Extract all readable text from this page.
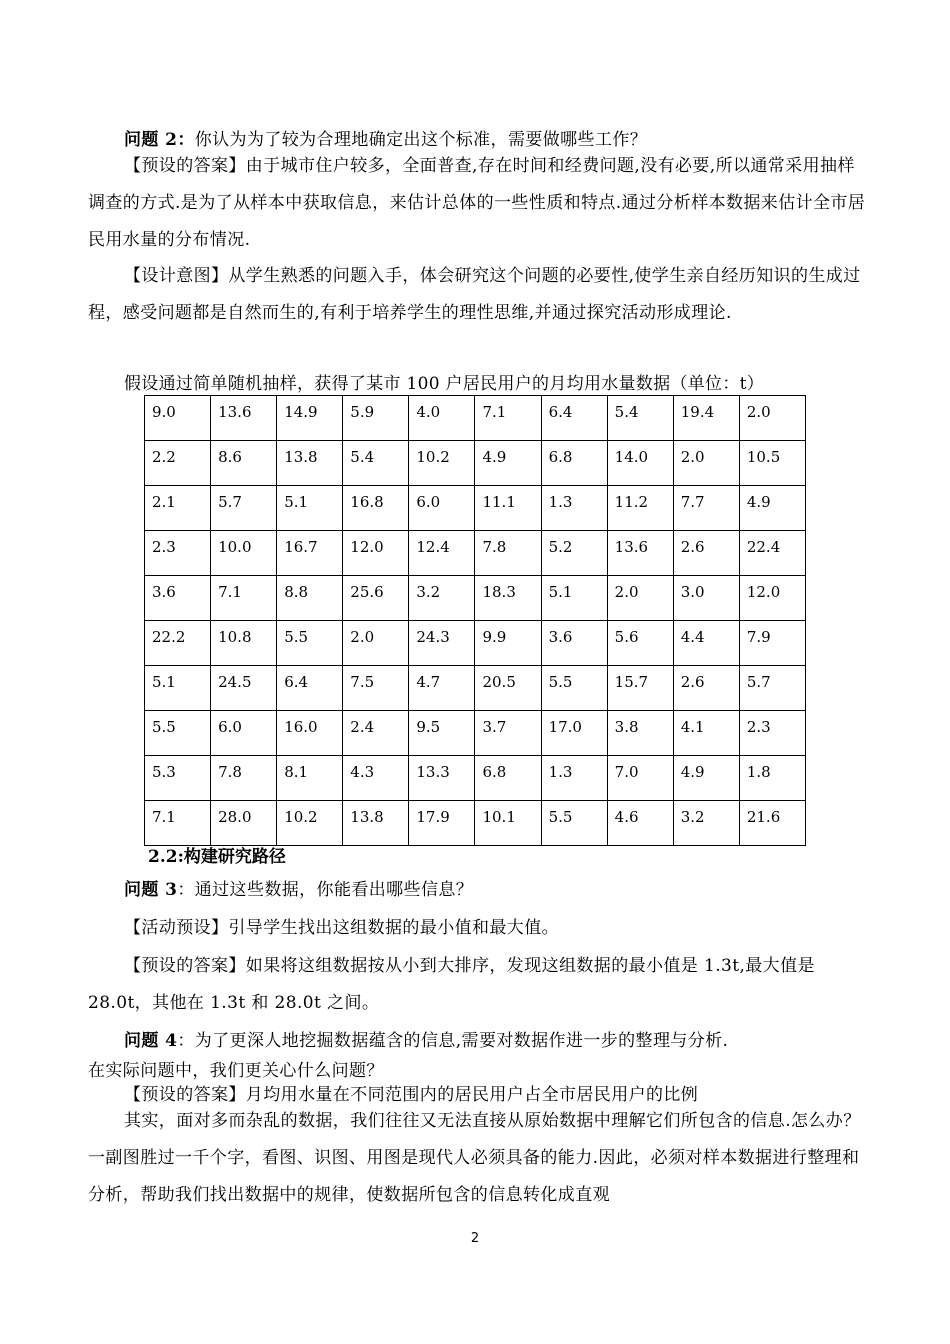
问题 2：你认为为了较为合理地确定出这个标准，需要做哪些工作？
【预设的答案】由于城市住户较多，全面普查,存在时间和经费问题,没有必要,所以通常采用抽样调查的方式.是为了从样本中获取信息，来估计总体的一些性质和特点.通过分析样本数据来估计全市居民用水量的分布情况.
【设计意图】从学生熟悉的问题入手，体会研究这个问题的必要性,使学生亲自经历知识的生成过程，感受问题都是自然而生的,有利于培养学生的理性思维,并通过探究活动形成理论.
假设通过简单随机抽样，获得了某市 100 户居民用户的月均用水量数据（单位：t）
9.0	13.6	14.9	5.9	4.0	7.1	6.4	5.4	19.4	2.0
2.2	8.6	13.8	5.4	10.2	4.9	6.8	14.0	2.0	10.5
2.1	5.7	5.1	16.8	6.0	11.1	1.3	11.2	7.7	4.9
2.3	10.0	16.7	12.0	12.4	7.8	5.2	13.6	2.6	22.4
3.6	7.1	8.8	25.6	3.2	18.3	5.1	2.0	3.0	12.0
22.2	10.8	5.5	2.0	24.3	9.9	3.6	5.6	4.4	7.9
5.1	24.5	6.4	7.5	4.7	20.5	5.5	15.7	2.6	5.7
5.5	6.0	16.0	2.4	9.5	3.7	17.0	3.8	4.1	2.3
5.3	7.8	8.1	4.3	13.3	6.8	1.3	7.0	4.9	1.8
7.1	28.0	10.2	13.8	17.9	10.1	5.5	4.6	3.2	21.6
2.2:构建研究路径
问题 3：通过这些数据，你能看出哪些信息？
【活动预设】引导学生找出这组数据的最小值和最大值。
【预设的答案】如果将这组数据按从小到大排序，发现这组数据的最小值是 1.3t,最大值是 28.0t，其他在 1.3t 和 28.0t 之间。
问题 4：为了更深人地挖掘数据蕴含的信息,需要对数据作进一步的整理与分析.
在实际问题中，我们更关心什么问题？
【预设的答案】月均用水量在不同范围内的居民用户占全市居民用户的比例
其实，面对多而杂乱的数据，我们往往又无法直接从原始数据中理解它们所包含的信息.怎么办？一副图胜过一千个字，看图、识图、用图是现代人必须具备的能力.因此，必须对样本数据进行整理和分析，帮助我们找出数据中的规律，使数据所包含的信息转化成直观
2
